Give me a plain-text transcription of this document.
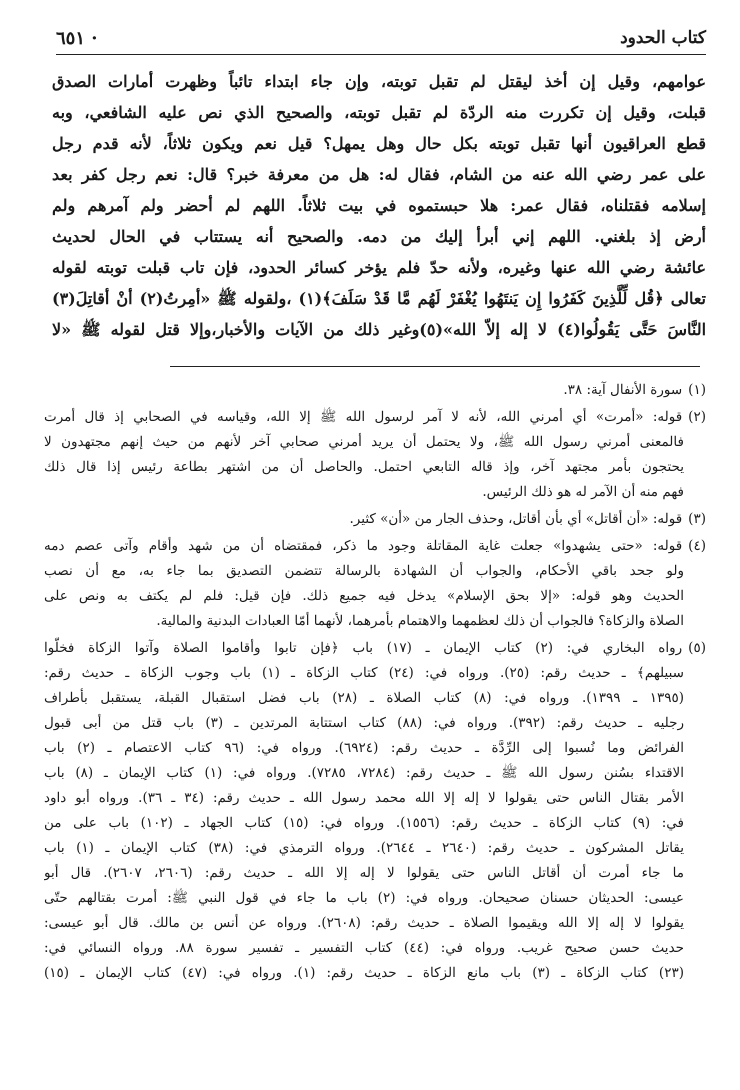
كتاب الحدود
٦٥١ ·
عوامهم، وقيل إن أخذ ليقتل لم تقبل توبته، وإن جاء ابتداء تائباً وظهرت أمارات الصدق
قبلت، وقيل إن تكررت منه الردّة لم تقبل توبته، والصحيح الذي نص عليه الشافعي، وبه
قطع العراقيون أنها تقبل توبته بكل حال وهل يمهل؟ قيل نعم ويكون ثلاثاً، لأنه قدم رجل
على عمر رضي الله عنه من الشام، فقال له: هل من معرفة خبر؟ قال: نعم رجل كفر بعد
إسلامه فقتلناه، فقال عمر: هلا حبستموه في بيت ثلاثاً. اللهم لم أحضر ولم آمرهم ولم
أرض إذ بلغني. اللهم إني أبرأ إليك من دمه. والصحيح أنه يستتاب في الحال لحديث
عائشة رضي الله عنها وغيره، ولأنه حدّ فلم يؤخر كسائر الحدود، فإن تاب قبلت توبته لقوله
تعالى ﴿قُل لِّلَّذِينَ كَفَرُوا إِن يَنتَهُوا يُغْفَرْ لَهُم مَّا قَدْ سَلَفَ﴾(١) ،ولقوله ﷺ «أمِرتُ(٢) أنْ أقاتِلَ(٣)
النَّاسَ حَتَّى يَقُولُوا(٤) لا إله إلاّ الله»(٥)وغير ذلك من الآيات والأخبار،وإلا قتل لقوله ﷺ «لا
(١)سورة الأنفال آية: ٣٨.
(٢)قوله: «أمرت» أي أمرني الله، لأنه لا آمر لرسول الله ﷺ إلا الله، وقياسه في الصحابي إذ قال أمرت
فالمعنى أمرني رسول الله ﷺ، ولا يحتمل أن يريد أمرني صحابي آخر لأنهم من حيث إنهم مجتهدون لا
يحتجون بأمر مجتهد آخر، وإذ قاله التابعي احتمل. والحاصل أن من اشتهر بطاعة رئيس إذا قال ذلك
فهم منه أن الآمر له هو ذلك الرئيس.
(٣)قوله: «أن أقاتل» أي بأن أقاتل، وحذف الجار من «أن» كثير.
(٤)قوله: «حتى يشهدوا» جعلت غاية المقاتلة وجود ما ذكر، فمقتضاه أن من شهد وأقام وآتى عصم دمه
ولو جحد باقي الأحكام، والجواب أن الشهادة بالرسالة تتضمن التصديق بما جاء به، مع أن نصب
الحديث وهو قوله: «إلا بحق الإسلام» يدخل فيه جميع ذلك. فإن قيل: فلم لم يكتف به ونص على
الصلاة والزكاة؟ فالجواب أن ذلك لعظمهما والاهتمام بأمرهما، لأنهما أمّا العبادات البدنية والمالية.
(٥)رواه البخاري في: (٢) كتاب الإيمان ـ (١٧) باب ﴿فإن تابوا وأقاموا الصلاة وآتوا الزكاة فخلّوا
سبيلهم﴾ ـ حديث رقم: (٢٥). ورواه في: (٢٤) كتاب الزكاة ـ (١) باب وجوب الزكاة ـ حديث رقم:
(١٣٩٥ ـ ١٣٩٩). ورواه في: (٨) كتاب الصلاة ـ (٢٨) باب فضل استقبال القبلة، يستقبل بأطراف
رجليه ـ حديث رقم: (٣٩٢). ورواه في: (٨٨) كتاب استتابة المرتدين ـ (٣) باب قتل من أبى قبول
الفرائض وما نُسبوا إلى الرِّدَّة ـ حديث رقم: (٦٩٢٤). ورواه في: (٩٦ كتاب الاعتصام ـ (٢) باب
الاقتداء بسُنن رسول الله ﷺ ـ حديث رقم: (٧٢٨٤، ٧٢٨٥). ورواه في: (١) كتاب الإيمان ـ (٨) باب
الأمر بقتال الناس حتى يقولوا لا إله إلا الله محمد رسول الله ـ حديث رقم: (٣٤ ـ ٣٦). ورواه أبو داود
في: (٩) كتاب الزكاة ـ حديث رقم: (١٥٥٦). ورواه في: (١٥) كتاب الجهاد ـ (١٠٢) باب على من
يقاتل المشركون ـ حديث رقم: (٢٦٤٠ ـ ٢٦٤٤). ورواه الترمذي في: (٣٨) كتاب الإيمان ـ (١) باب
ما جاء أمرت أن أقاتل الناس حتى يقولوا لا إله إلا الله ـ حديث رقم: (٢٦٠٦، ٢٦٠٧). قال أبو
عيسى: الحديثان حسنان صحيحان. ورواه في: (٢) باب ما جاء في قول النبي ﷺ: أمرت بقتالهم حتّى
يقولوا لا إله إلا الله ويقيموا الصلاة ـ حديث رقم: (٢٦٠٨). ورواه عن أنس بن مالك. قال أبو عيسى:
حديث حسن صحيح غريب. ورواه في: (٤٤) كتاب التفسير ـ تفسير سورة ٨٨. ورواه النسائي في:
(٢٣) كتاب الزكاة ـ (٣) باب مانع الزكاة ـ حديث رقم: (١). ورواه في: (٤٧) كتاب الإيمان ـ (١٥)
